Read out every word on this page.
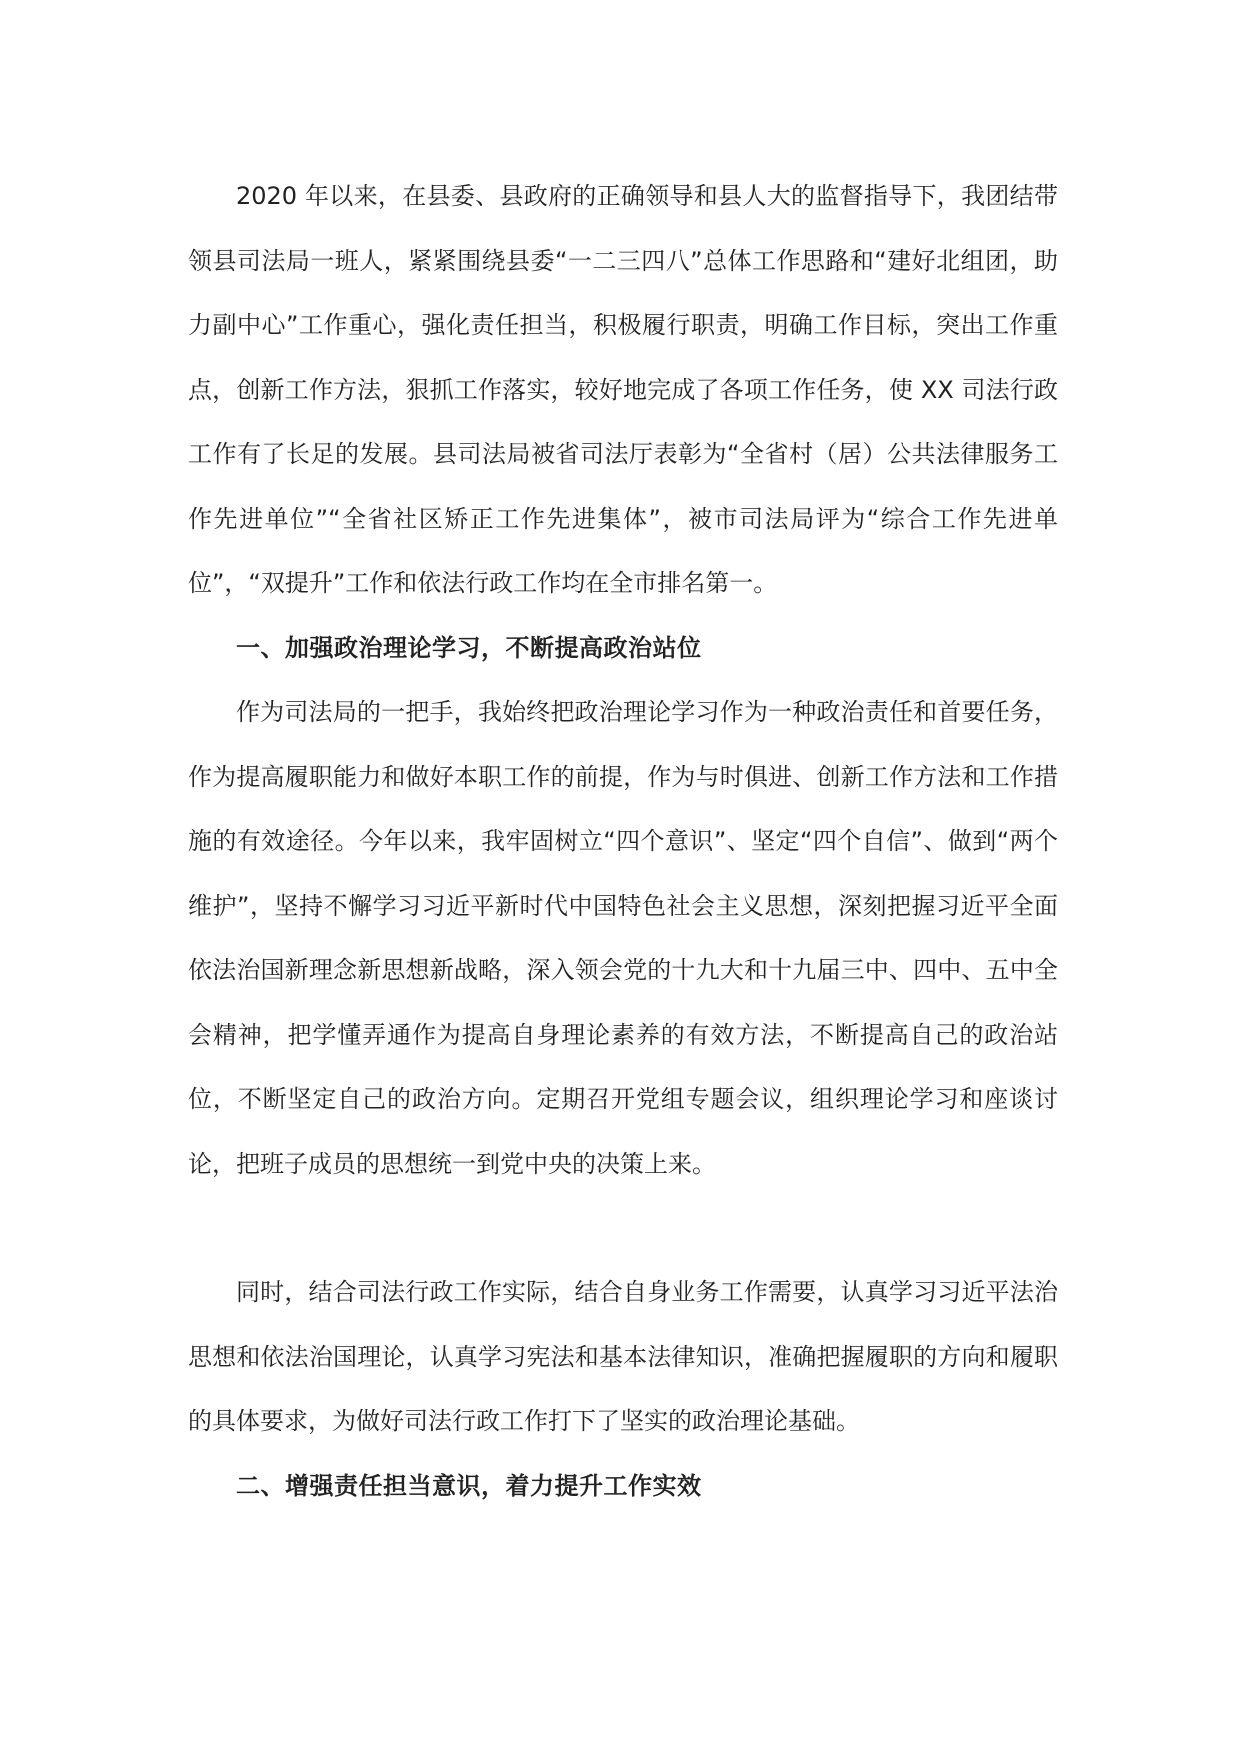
2020 年以来，在县委、县政府的正确领导和县人大的监督指导下，我团结带领县司法局一班人，紧紧围绕县委“一二三四八”总体工作思路和“建好北组团，助力副中心”工作重心，强化责任担当，积极履行职责，明确工作目标，突出工作重点，创新工作方法，狠抓工作落实，较好地完成了各项工作任务，使 XX 司法行政工作有了长足的发展。县司法局被省司法厅表彰为“全省村（居）公共法律服务工作先进单位”“全省社区矫正工作先进集体”，被市司法局评为“综合工作先进单位”，“双提升”工作和依法行政工作均在全市排名第一。

一、加强政治理论学习，不断提高政治站位

作为司法局的一把手，我始终把政治理论学习作为一种政治责任和首要任务，作为提高履职能力和做好本职工作的前提，作为与时俱进、创新工作方法和工作措施的有效途径。今年以来，我牢固树立“四个意识”、坚定“四个自信”、做到“两个维护”，坚持不懈学习习近平新时代中国特色社会主义思想，深刻把握习近平全面依法治国新理念新思想新战略，深入领会党的十九大和十九届三中、四中、五中全会精神，把学懂弄通作为提高自身理论素养的有效方法，不断提高自己的政治站位，不断坚定自己的政治方向。定期召开党组专题会议，组织理论学习和座谈讨论，把班子成员的思想统一到党中央的决策上来。

同时，结合司法行政工作实际，结合自身业务工作需要，认真学习习近平法治思想和依法治国理论，认真学习宪法和基本法律知识，准确把握履职的方向和履职的具体要求，为做好司法行政工作打下了坚实的政治理论基础。

二、增强责任担当意识，着力提升工作实效
